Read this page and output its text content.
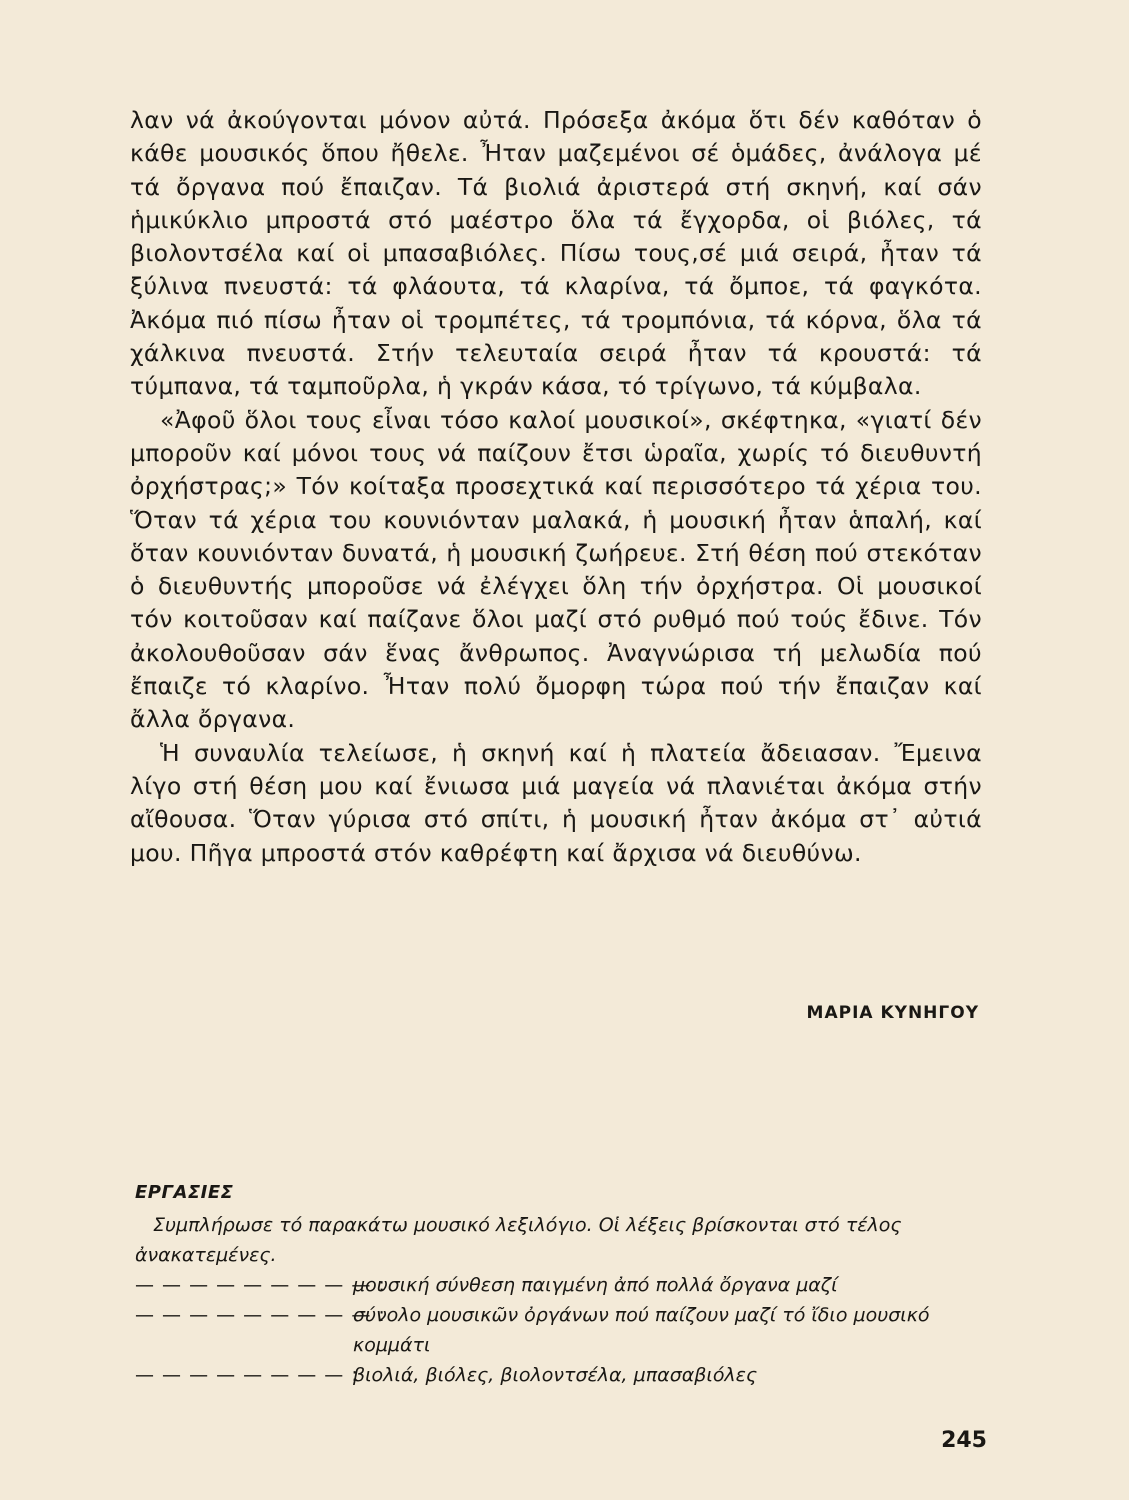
λαν νά ἀκούγονται μόνον αὐτά. Πρόσεξα ἀκόμα ὅτι δέν καθόταν ὁ κάθε μουσικός ὅπου ἤθελε. Ἦταν μαζεμένοι σέ ὁμάδες, ἀνάλογα μέ τά ὄργανα πού ἔπαιζαν. Τά βιολιά ἀριστερά στή σκηνή, καί σάν ἡμικύκλιο μπροστά στό μαέστρο ὅλα τά ἔγχορδα, οἱ βιόλες, τά βιολοντσέλα καί οἱ μπασαβιόλες. Πίσω τους,σέ μιά σειρά, ἦταν τά ξύλινα πνευστά: τά φλάουτα, τά κλαρίνα, τά ὄμποε, τά φαγκότα. Ἀκόμα πιό πίσω ἦταν οἱ τρομπέτες, τά τρομπόνια, τά κόρνα, ὅλα τά χάλκινα πνευστά. Στήν τελευταία σειρά ἦταν τά κρουστά: τά τύμπανα, τά ταμποῦρλα, ἡ γκράν κάσα, τό τρίγωνο, τά κύμβαλα.

«Ἀφοῦ ὅλοι τους εἶναι τόσο καλοί μουσικοί», σκέφτηκα, «γιατί δέν μποροῦν καί μόνοι τους νά παίζουν ἔτσι ὡραῖα, χωρίς τό διευθυντή ὀρχήστρας;» Τόν κοίταξα προσεχτικά καί περισσότερο τά χέρια του. Ὅταν τά χέρια του κουνιόνταν μαλακά, ἡ μουσική ἦταν ἁπαλή, καί ὅταν κουνιόνταν δυνατά, ἡ μουσική ζωήρευε. Στή θέση πού στεκόταν ὁ διευθυντής μποροῦσε νά ἐλέγχει ὅλη τήν ὀρχήστρα. Οἱ μουσικοί τόν κοιτοῦσαν καί παίζανε ὅλοι μαζί στό ρυθμό πού τούς ἔδινε. Τόν ἀκολουθοῦσαν σάν ἕνας ἄνθρωπος. Ἀναγνώρισα τή μελωδία πού ἔπαιζε τό κλαρίνο. Ἦταν πολύ ὄμορφη τώρα πού τήν ἔπαιζαν καί ἄλλα ὄργανα.

Ἡ συναυλία τελείωσε, ἡ σκηνή καί ἡ πλατεία ἄδειασαν. Ἔμεινα λίγο στή θέση μου καί ἔνιωσα μιά μαγεία νά πλανιέται ἀκόμα στήν αἴθουσα. Ὅταν γύρισα στό σπίτι, ἡ μουσική ἦταν ἀκόμα στ᾽ αὐτιά μου. Πῆγα μπροστά στόν καθρέφτη καί ἄρχισα νά διευθύνω.

ΜΑΡΙΑ ΚΥΝΗΓΟΥ
ΕΡΓΑΣΙΕΣ
Συμπλήρωσε τό παρακάτω μουσικό λεξιλόγιο. Οἱ λέξεις βρίσκονται στό τέλος ἀνακατεμένες.
— — — — — — — — — :
μουσική σύνθεση παιγμένη ἀπό πολλά ὄργανα μαζί
— — — — — — — — — :
σύνολο μουσικῶν ὀργάνων πού παίζουν μαζί τό ἴδιο μουσικό κομμάτι
— — — — — — — — :
βιολιά, βιόλες, βιολοντσέλα, μπασαβιόλες
245
